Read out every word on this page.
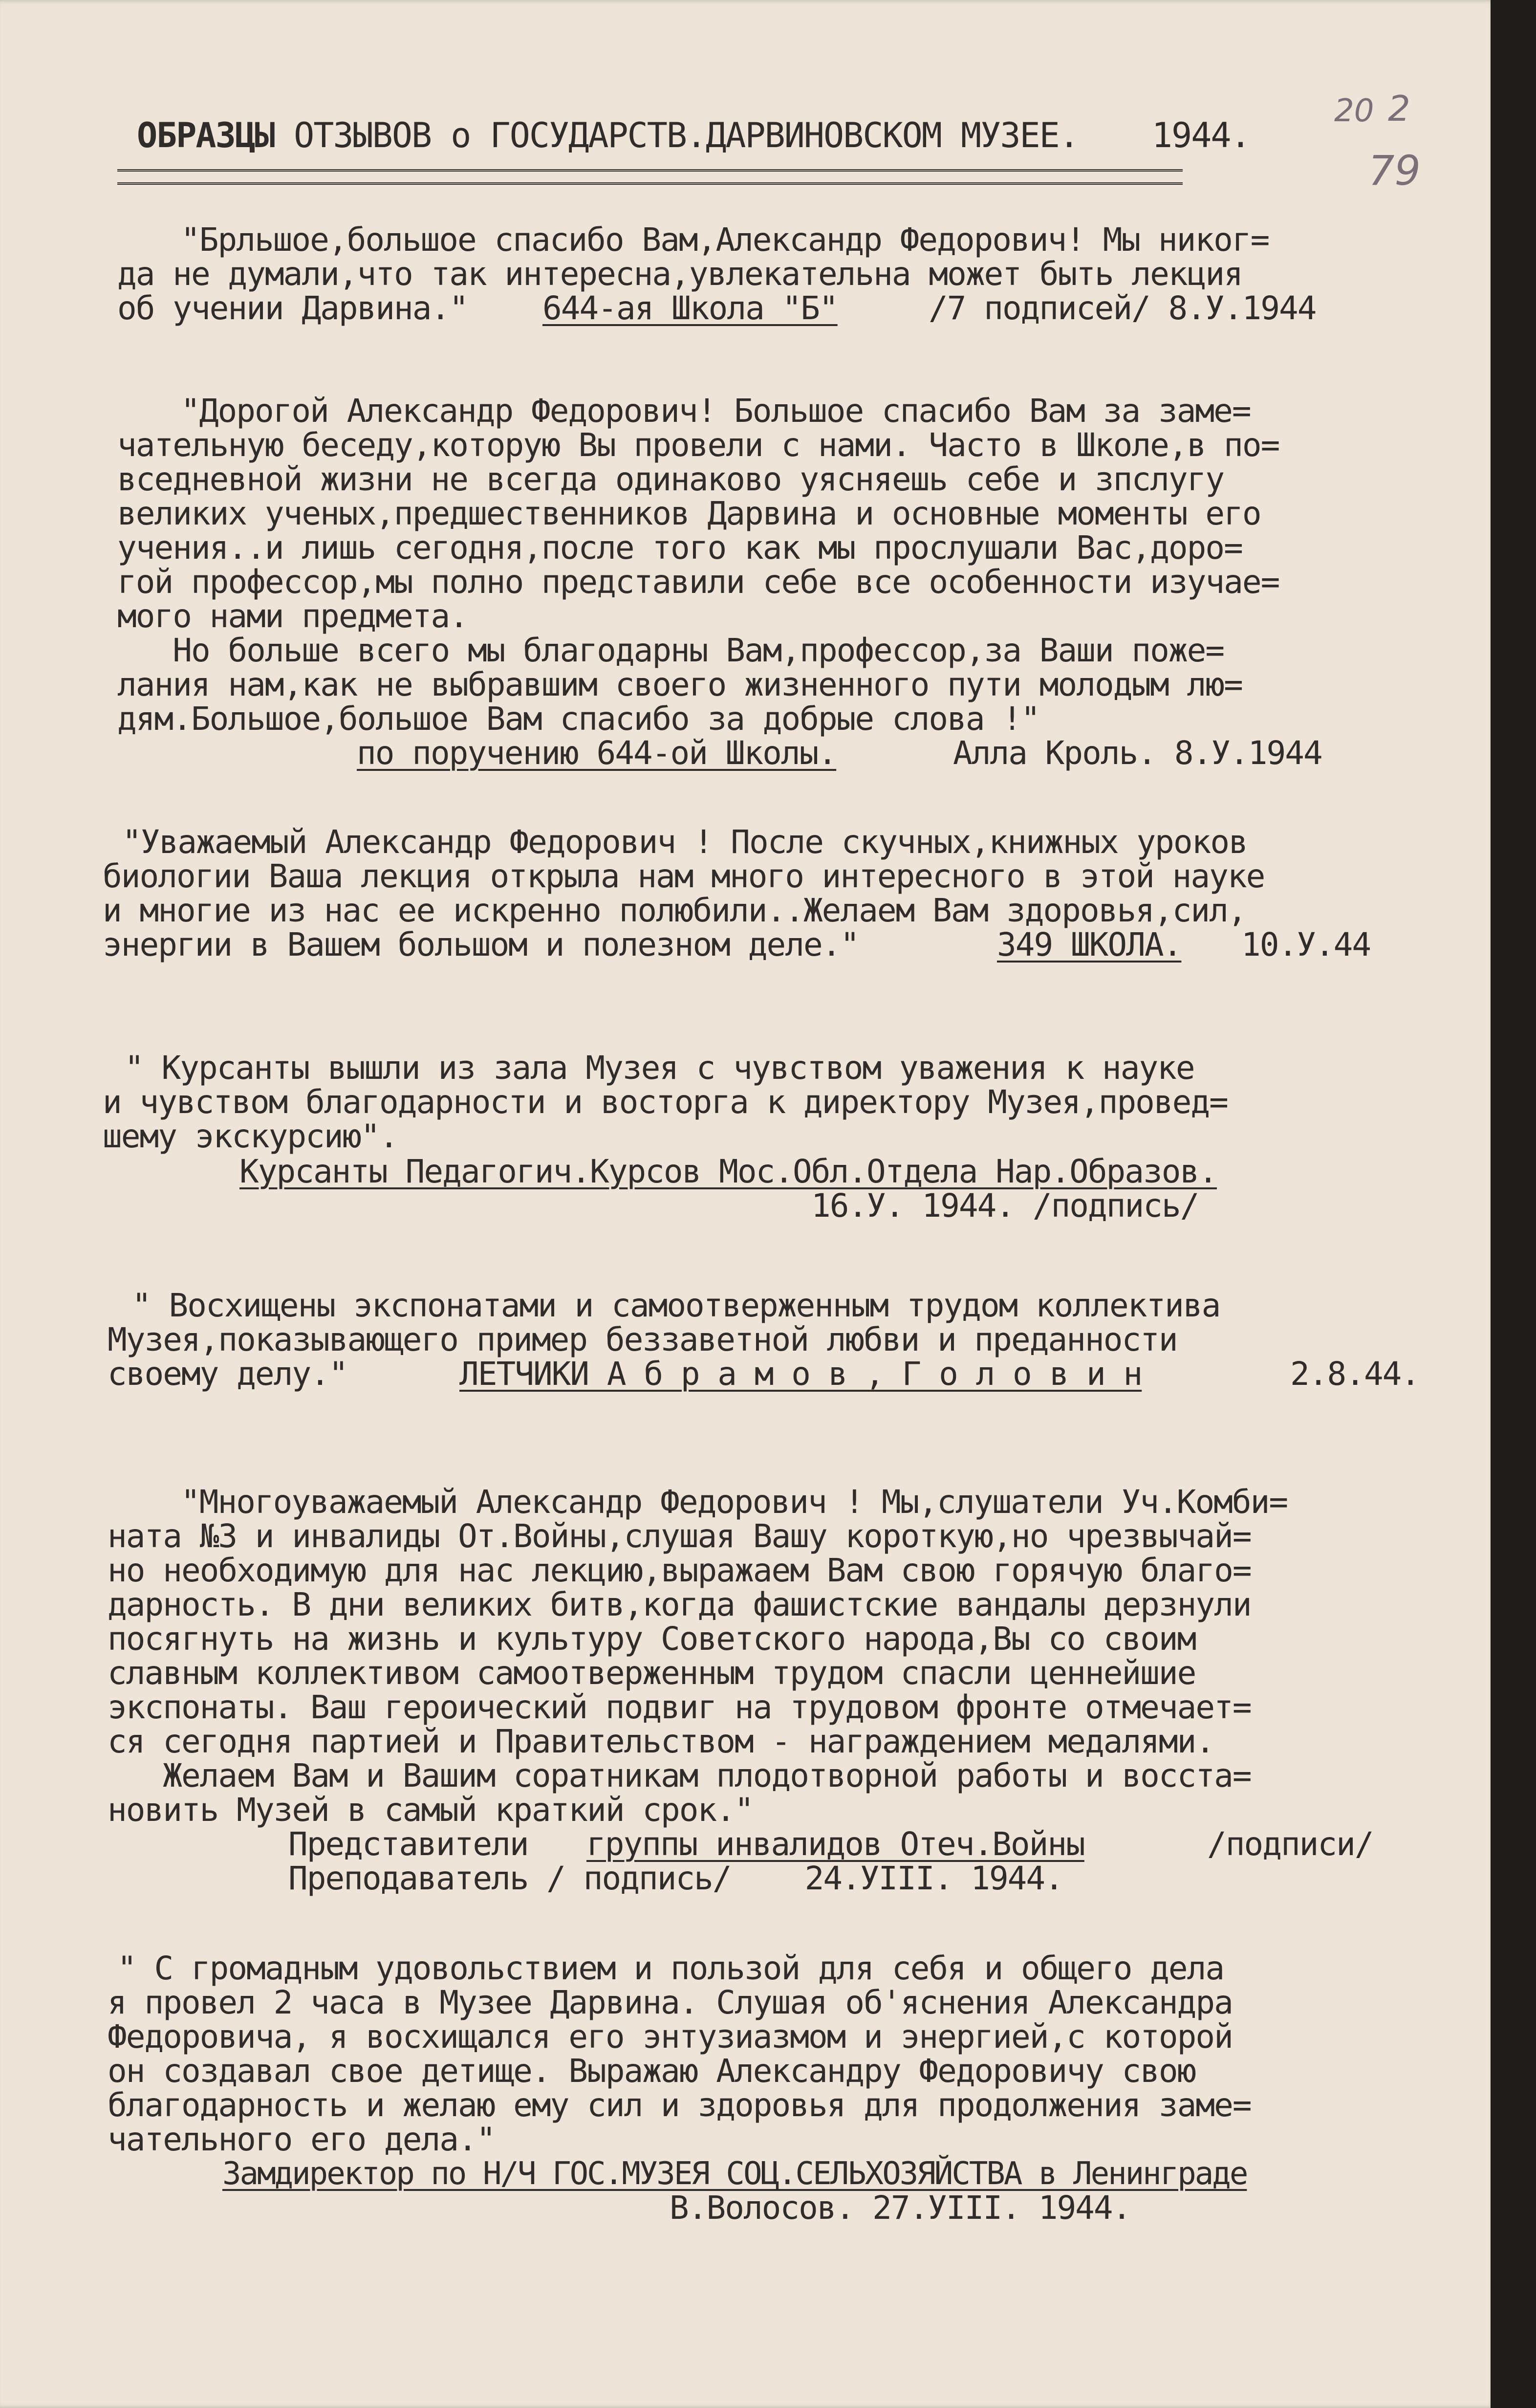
ОБРАЗЦЫ ОТЗЫВОВ о ГОСУДАРСТВ.ДАРВИНОВСКОМ МУЗЕЕ. 1944.
20 2
79
"Брльшое,большое спасибо Вам,Александр Федорович! Мы никог=
да не думали,что так интересна,увлекательна может быть лекция
об учении Дарвина." 644-ая Школа "Б"	/7 подписей/ 8.У.1944
"Дорогой Александр Федорович! Большое спасибо Вам за заме=
чательную беседу,которую Вы провели с нами. Часто в Школе,в по=
вседневной жизни не всегда одинаково уясняешь себе и зпслугу
великих ученых,предшественников Дарвина и основные моменты его
учения..и лишь сегодня,после того как мы прослушали Вас,доро=
гой профессор,мы полно представили себе все особенности изучае=
мого нами предмета.
Но больше всего мы благодарны Вам,профессор,за Ваши поже=
лания нам,как не выбравшим своего жизненного пути молодым лю=
дям.Большое,большое Вам спасибо за добрые слова !"
по поручению 644-ой Школы.	Алла Кроль. 8.У.1944
"Уважаемый Александр Федорович ! После скучных,книжных уроков
биологии Ваша лекция открыла нам много интересного в этой науке
и многие из нас ее искренно полюбили..Желаем Вам здоровья,сил,
энергии в Вашем большом и полезном деле."	349 ШКОЛА. 10.У.44
" Курсанты вышли из зала Музея с чувством уважения к науке
и чувством благодарности и восторга к директору Музея,провед=
шему экскурсию".
Курсанты Педагогич.Курсов Мос.Обл.Отдела Нар.Образов.
16.У. 1944. /подпись/
" Восхищены экспонатами и самоотверженным трудом коллектива
Музея,показывающего пример беззаветной любви и преданности
своему делу."	ЛЕТЧИКИ А б р а м о в , Г о л о в и н	2.8.44.
"Многоуважаемый Александр Федорович ! Мы,слушатели Уч.Комби=
ната №3 и инвалиды От.Войны,слушая Вашу короткую,но чрезвычай=
но необходимую для нас лекцию,выражаем Вам свою горячую благо=
дарность. В дни великих битв,когда фашистские вандалы дерзнули
посягнуть на жизнь и культуру Советского народа,Вы со своим
славным коллективом самоотверженным трудом спасли ценнейшие
экспонаты. Ваш героический подвиг на трудовом фронте отмечает=
ся сегодня партией и Правительством - награждением медалями.
Желаем Вам и Вашим соратникам плодотворной работы и восста=
новить Музей в самый краткий срок."
Представители группы инвалидов Отеч.Войны	/подписи/
Преподаватель / подпись/    24.УIII. 1944.
" С громадным удовольствием и пользой для себя и общего дела
я провел 2 часа в Музее Дарвина. Слушая об'яснения Александра
Федоровича, я восхищался его энтузиазмом и энергией,с которой
он создавал свое детище. Выражаю Александру Федоровичу свою
благодарность и желаю ему сил и здоровья для продолжения заме=
чательного его дела."
Замдиректор по Н/Ч ГОС.МУЗЕЯ СОЦ.СЕЛЬХОЗЯЙСТВА в Ленинграде
В.Волосов. 27.УIII. 1944.
